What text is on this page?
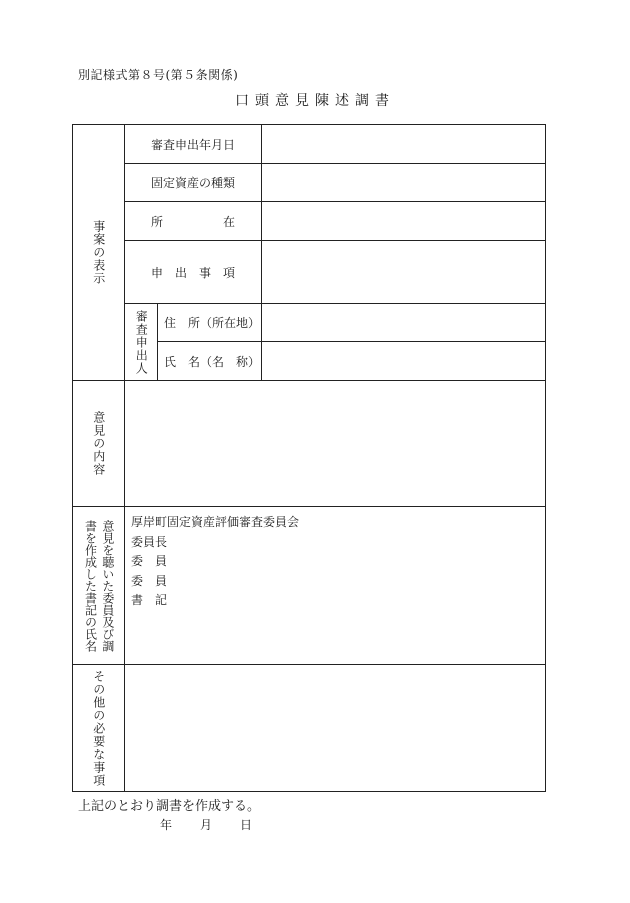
別記様式第８号(第５条関係)
口頭意見陳述調書
事案の表示	審査申出年月日		
	固定資産の種類		
	所　　　　　在		
	申　出　事　項		

	審査申出人	住　所（所在地）	
		氏　名（名　称）	

意見の内容			

意見を聴いた委員及び調書を作成した書記の氏名	厚岸町固定資産評価審査委員会
委員長
委　員
委　員
書　記		

その他の必要な事項			

上記のとおり調書を作成する。
年 月 日
